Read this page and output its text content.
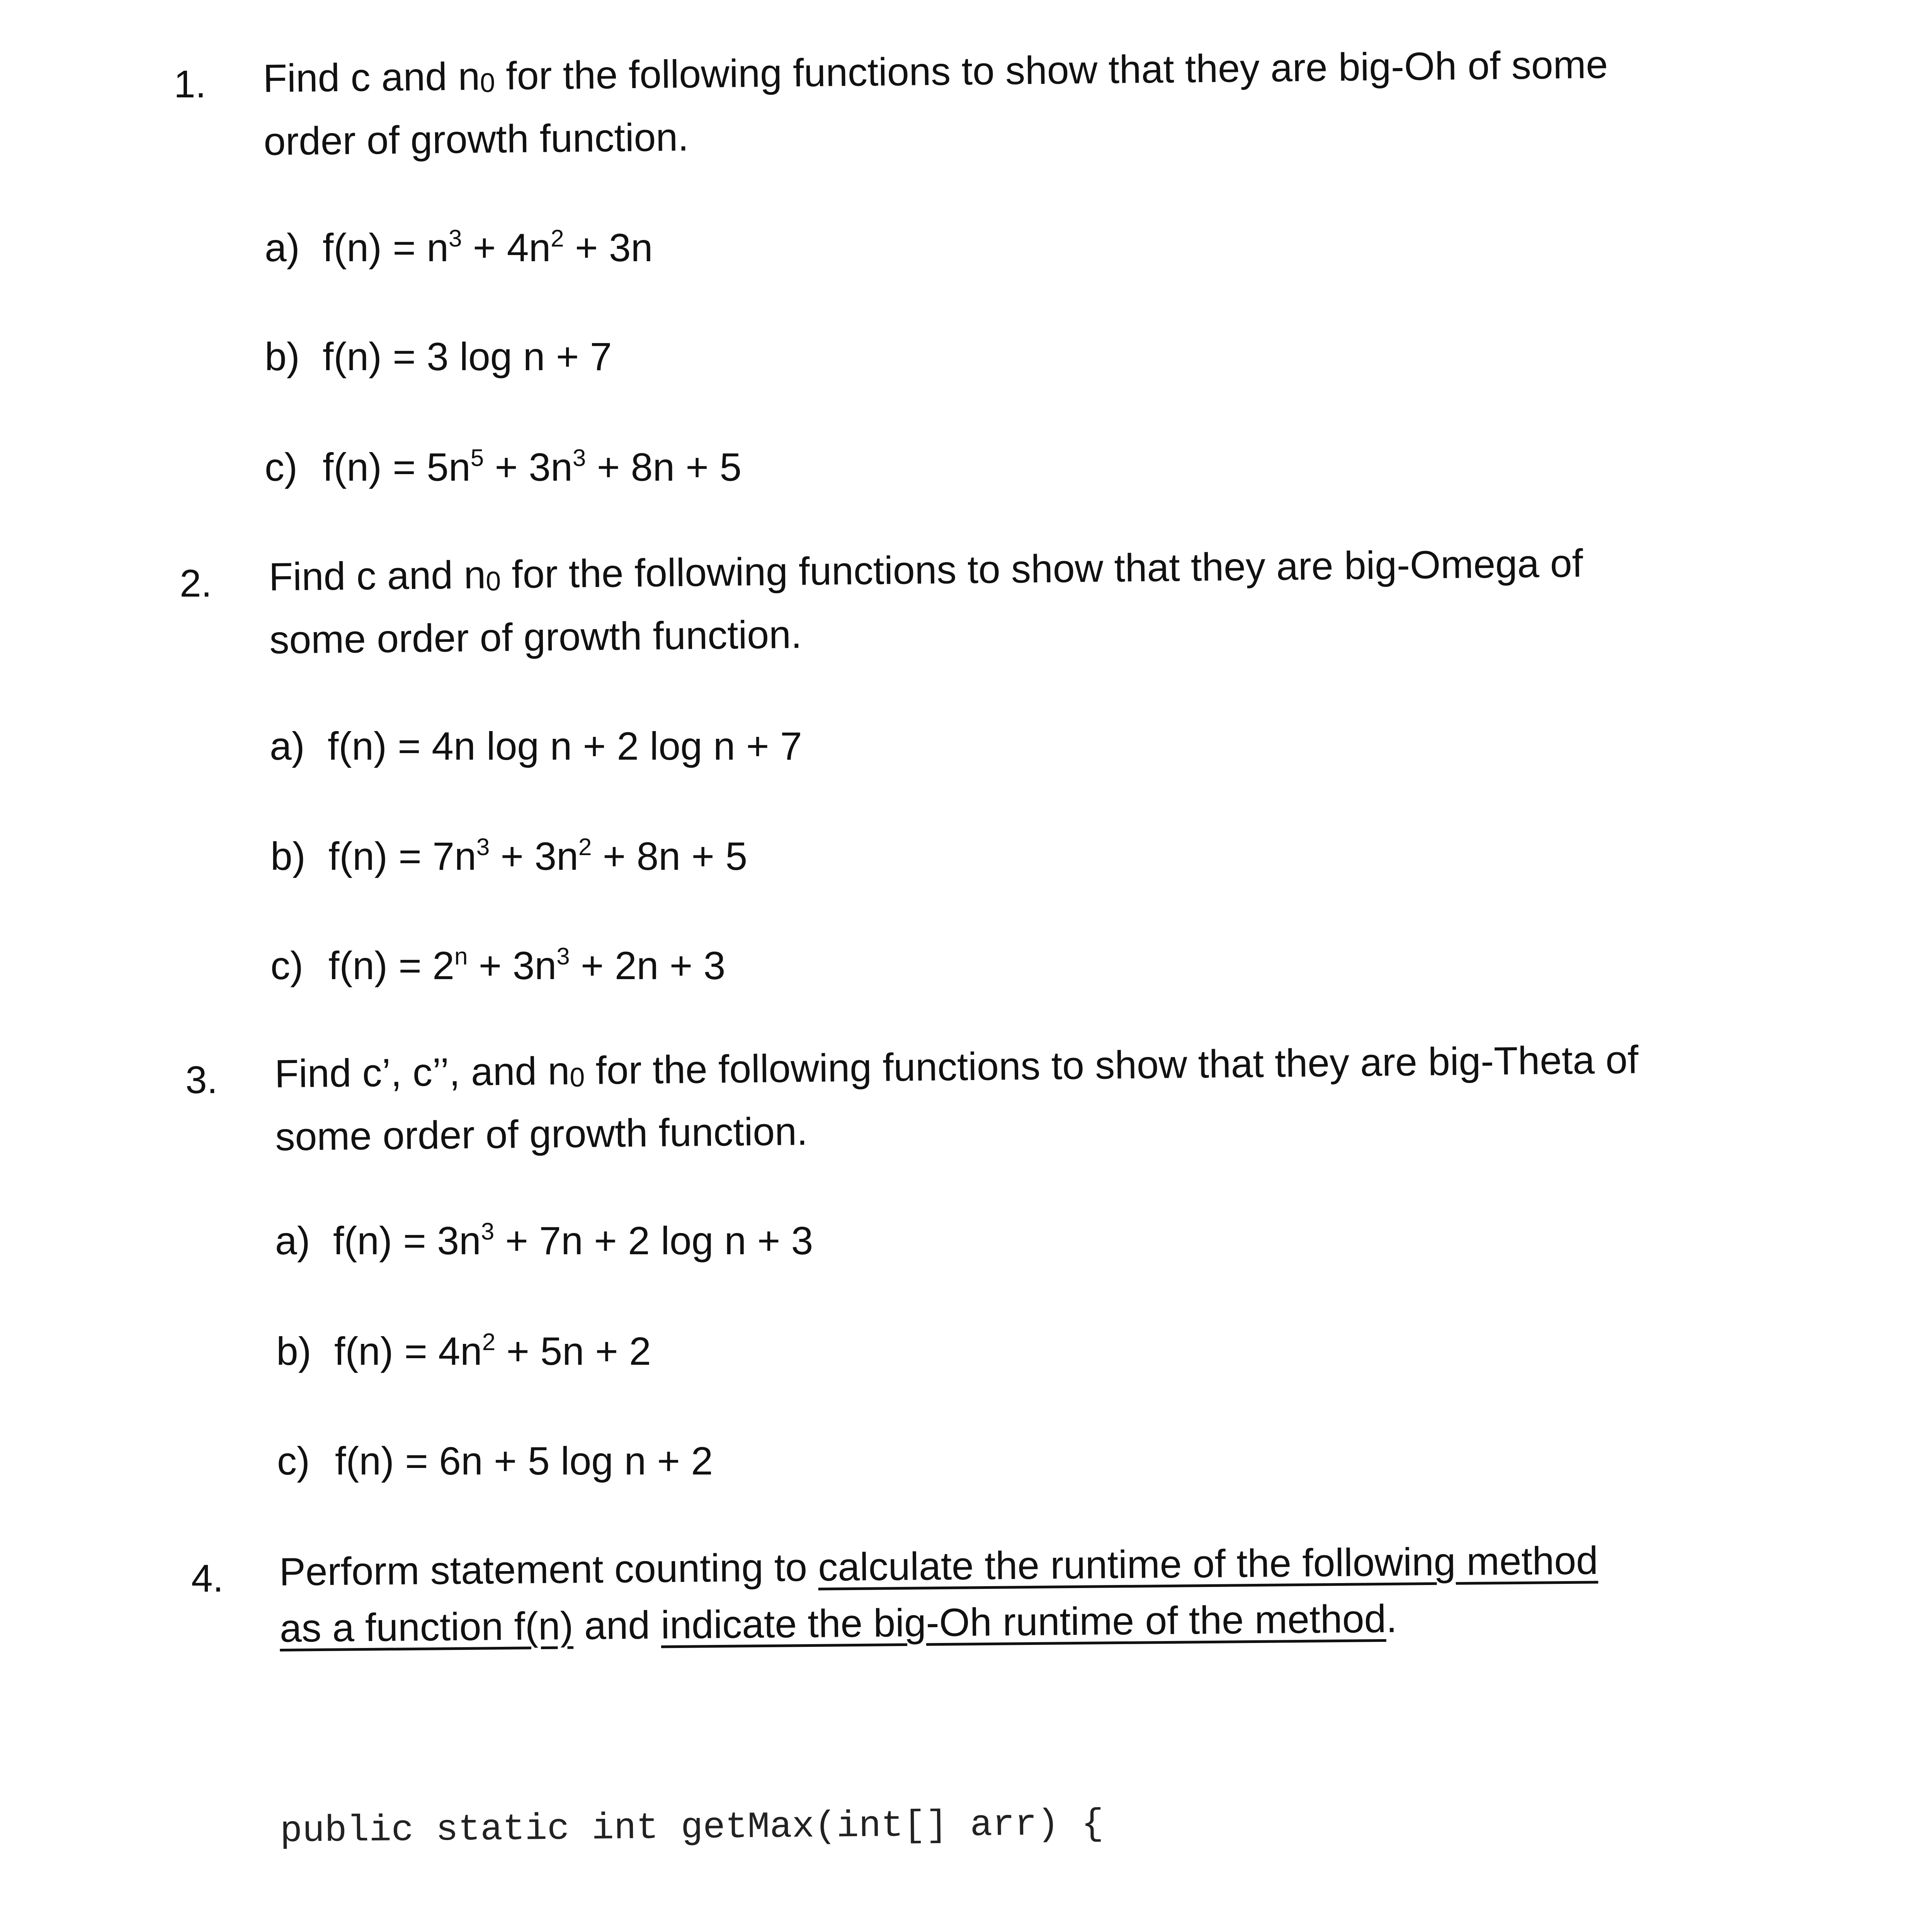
1. Find c and n0 for the following functions to show that they are big-Oh of some
order of growth function.
a) $f(n) = n^3 + 4n^2 + 3n$
b) f(n) = 3 log n + 7
c) $f(n) = 5n^5 + 3n^3 + 8n + 5$
2. Find c and n0 for the following functions to show that they are big-Omega of
some order of growth function.
a) f(n) = 4n log n + 2 log n + 7
b) $f(n) = 7n^3 + 3n^2 + 8n + 5$
c) $f(n) = 2^n + 3n^3 + 2n + 3$
3. Find c’, c’’, and n0 for the following functions to show that they are big-Theta of
some order of growth function.
a) $f(n) = 3n^3 + 7n + 2$ log n + 3
b) $f(n) = 4n^2 + 5n + 2$
c) f(n) = 6n + 5 log n + 2
4. Perform statement counting to calculate the runtime of the following method
as a function f(n) and indicate the big-Oh runtime of the method.

public static int getMax(int[] arr) {
